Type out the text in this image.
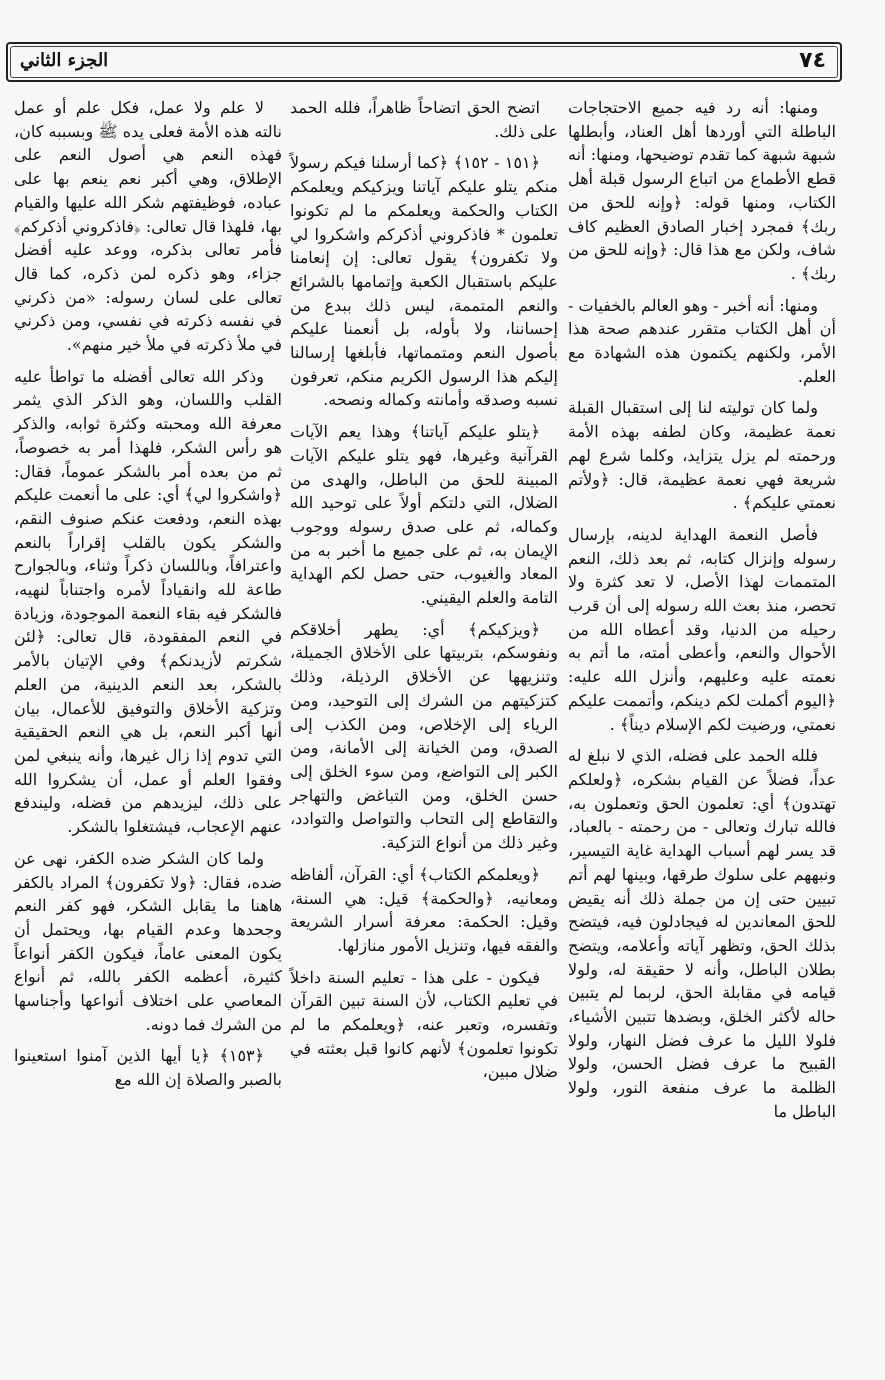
٧٤
الجزء الثاني

ومنها: أنه رد فيه جميع الاحتجاجات الباطلة التي أوردها أهل العناد، وأبطلها شبهة شبهة كما تقدم توضيحها، ومنها: أنه قطع الأطماع من اتباع الرسول قبلة أهل الكتاب، ومنها قوله: ﴿وإنه للحق من ربك﴾ فمجرد إخبار الصادق العظيم كاف شاف، ولكن مع هذا قال: ﴿وإنه للحق من ربك﴾ .

ومنها: أنه أخبر - وهو العالم بالخفيات - أن أهل الكتاب متقرر عندهم صحة هذا الأمر، ولكنهم يكتمون هذه الشهادة مع العلم.

ولما كان توليته لنا إلى استقبال القبلة نعمة عظيمة، وكان لطفه بهذه الأمة ورحمته لم يزل يتزايد، وكلما شرع لهم شريعة فهي نعمة عظيمة، قال: ﴿ولأتم نعمتي عليكم﴾ .

فأصل النعمة الهداية لدينه، بإرسال رسوله وإنزال كتابه، ثم بعد ذلك، النعم المتممات لهذا الأصل، لا تعد كثرة ولا تحصر، منذ بعث الله رسوله إلى أن قرب رحيله من الدنيا، وقد أعطاه الله من الأحوال والنعم، وأعطى أمته، ما أتم به نعمته عليه وعليهم، وأنزل الله عليه: ﴿اليوم أكملت لكم دينكم، وأتممت عليكم نعمتي، ورضيت لكم الإسلام ديناً﴾ .

فلله الحمد على فضله، الذي لا نبلغ له عداً، فضلاً عن القيام بشكره، ﴿ولعلكم تهتدون﴾ أي: تعلمون الحق وتعملون به، فالله تبارك وتعالى - من رحمته - بالعباد، قد يسر لهم أسباب الهداية غاية التيسير، ونبههم على سلوك طرقها، وبينها لهم أتم تبيين حتى إن من جملة ذلك أنه يقيض للحق المعاندين له فيجادلون فيه، فيتضح بذلك الحق، وتظهر آياته وأعلامه، ويتضح بطلان الباطل، وأنه لا حقيقة له، ولولا قيامه في مقابلة الحق، لربما لم يتبين حاله لأكثر الخلق، وبضدها تتبين الأشياء، فلولا الليل ما عرف فضل النهار، ولولا القبيح ما عرف فضل الحسن، ولولا الظلمة ما عرف منفعة النور، ولولا الباطل ما

اتضح الحق اتضاحاً ظاهراً، فلله الحمد على ذلك.

﴿١٥١ - ١٥٢﴾ ﴿كما أرسلنا فيكم رسولاً منكم يتلو عليكم آياتنا ويزكيكم ويعلمكم الكتاب والحكمة ويعلمكم ما لم تكونوا تعلمون * فاذكروني أذكركم واشكروا لي ولا تكفرون﴾ يقول تعالى: إن إنعامنا عليكم باستقبال الكعبة وإتمامها بالشرائع والنعم المتممة، ليس ذلك ببدع من إحساننا، ولا بأوله، بل أنعمنا عليكم بأصول النعم ومتمماتها، فأبلغها إرسالنا إليكم هذا الرسول الكريم منكم، تعرفون نسبه وصدقه وأمانته وكماله ونصحه.

﴿يتلو عليكم آياتنا﴾ وهذا يعم الآيات القرآنية وغيرها، فهو يتلو عليكم الآيات المبينة للحق من الباطل، والهدى من الضلال، التي دلتكم أولاً على توحيد الله وكماله، ثم على صدق رسوله ووجوب الإيمان به، ثم على جميع ما أخبر به من المعاد والغيوب، حتى حصل لكم الهداية التامة والعلم اليقيني.

﴿ويزكيكم﴾ أي: يطهر أخلاقكم ونفوسكم، بتربيتها على الأخلاق الجميلة، وتنزيهها عن الأخلاق الرذيلة، وذلك كتزكيتهم من الشرك إلى التوحيد، ومن الرياء إلى الإخلاص، ومن الكذب إلى الصدق، ومن الخيانة إلى الأمانة، ومن الكبر إلى التواضع، ومن سوء الخلق إلى حسن الخلق، ومن التباغض والتهاجر والتقاطع إلى التحاب والتواصل والتوادد، وغير ذلك من أنواع التزكية.

﴿ويعلمكم الكتاب﴾ أي: القرآن، ألفاظه ومعانيه، ﴿والحكمة﴾ قيل: هي السنة، وقيل: الحكمة: معرفة أسرار الشريعة والفقه فيها، وتنزيل الأمور منازلها.

فيكون - على هذا - تعليم السنة داخلاً في تعليم الكتاب، لأن السنة تبين القرآن وتفسره، وتعبر عنه، ﴿ويعلمكم ما لم تكونوا تعلمون﴾ لأنهم كانوا قبل بعثته في ضلال مبين،

لا علم ولا عمل، فكل علم أو عمل نالته هذه الأمة فعلى يده ﷺ وبسببه كان، فهذه النعم هي أصول النعم على الإطلاق، وهي أكبر نعم ينعم بها على عباده، فوظيفتهم شكر الله عليها والقيام بها، فلهذا قال تعالى: ﴿فاذكروني أذكركم﴾ فأمر تعالى بذكره، ووعد عليه أفضل جزاء، وهو ذكره لمن ذكره، كما قال تعالى على لسان رسوله: «من ذكرني في نفسه ذكرته في نفسي، ومن ذكرني في ملأ ذكرته في ملأ خير منهم».

وذكر الله تعالى أفضله ما تواطأ عليه القلب واللسان، وهو الذكر الذي يثمر معرفة الله ومحبته وكثرة ثوابه، والذكر هو رأس الشكر، فلهذا أمر به خصوصاً، ثم من بعده أمر بالشكر عموماً، فقال: ﴿واشكروا لي﴾ أي: على ما أنعمت عليكم بهذه النعم، ودفعت عنكم صنوف النقم، والشكر يكون بالقلب إقراراً بالنعم واعترافاً، وباللسان ذكراً وثناء، وبالجوارح طاعة لله وانقياداً لأمره واجتناباً لنهيه، فالشكر فيه بقاء النعمة الموجودة، وزيادة في النعم المفقودة، قال تعالى: ﴿لئن شكرتم لأزيدنكم﴾ وفي الإتيان بالأمر بالشكر، بعد النعم الدينية، من العلم وتزكية الأخلاق والتوفيق للأعمال، بيان أنها أكبر النعم، بل هي النعم الحقيقية التي تدوم إذا زال غيرها، وأنه ينبغي لمن وفقوا العلم أو عمل، أن يشكروا الله على ذلك، ليزيدهم من فضله، وليندفع عنهم الإعجاب، فيشتغلوا بالشكر.

ولما كان الشكر ضده الكفر، نهى عن ضده، فقال: ﴿ولا تكفرون﴾ المراد بالكفر هاهنا ما يقابل الشكر، فهو كفر النعم وجحدها وعدم القيام بها، ويحتمل أن يكون المعنى عاماً، فيكون الكفر أنواعاً كثيرة، أعظمه الكفر بالله، ثم أنواع المعاصي على اختلاف أنواعها وأجناسها من الشرك فما دونه.

﴿١٥٣﴾ ﴿يا أيها الذين آمنوا استعينوا بالصبر والصلاة إن الله مع
